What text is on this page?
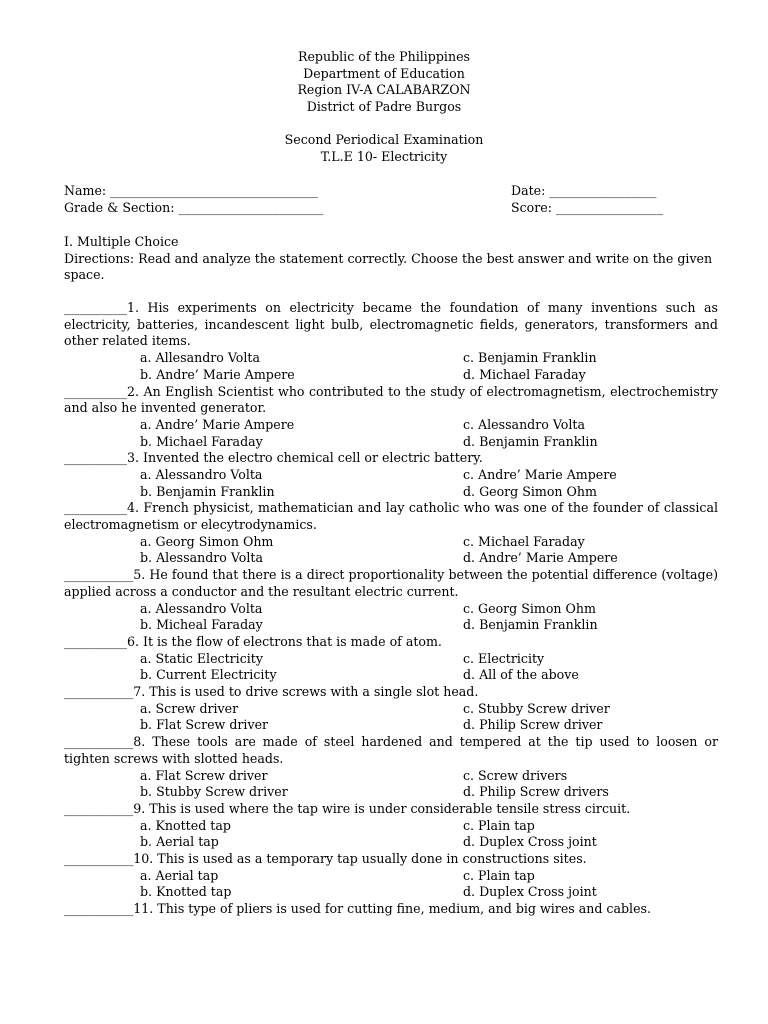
Republic of the Philippines
Department of Education
Region IV-A CALABARZON
District of Padre Burgos
Second Periodical Examination
T.L.E 10- Electricity
Name: _________________________________	Date: _________________
Grade & Section: _______________________	Score: _________________
I. Multiple Choice
Directions: Read and analyze the statement correctly. Choose the best answer and write on the given space.
__________1. His experiments on electricity became the foundation of many inventions such as electricity, batteries, incandescent light bulb, electromagnetic fields, generators, transformers and other related items.
a. Allesandro Volta
b. Andre’ Marie Ampere
c. Benjamin Franklin
d. Michael Faraday
__________2. An English Scientist who contributed to the study of electromagnetism, electrochemistry and also he invented generator.
a. Andre’ Marie Ampere
b. Michael Faraday
c. Alessandro Volta
d. Benjamin Franklin
__________3. Invented the electro chemical cell or electric battery.
a. Alessandro Volta
b. Benjamin Franklin
c. Andre’ Marie Ampere
d. Georg Simon Ohm
__________4. French physicist, mathematician and lay catholic who was one of the founder of classical electromagnetism or elecytrodynamics.
a. Georg Simon Ohm
b. Alessandro Volta
c. Michael Faraday
d. Andre’ Marie Ampere
___________5. He found that there is a direct proportionality between the potential difference (voltage) applied across a conductor and the resultant electric current.
a. Alessandro Volta
b. Micheal Faraday
c. Georg Simon Ohm
d. Benjamin Franklin
__________6. It is the flow of electrons that is made of atom.
a. Static Electricity
b. Current Electricity
c. Electricity
d. All of the above
___________7. This is used to drive screws with a single slot head.
a. Screw driver
b. Flat Screw driver
c. Stubby Screw driver
d. Philip Screw driver
___________8. These tools are made of steel hardened and tempered at the tip used to loosen or tighten screws with slotted heads.
a. Flat Screw driver
b. Stubby Screw driver
c. Screw drivers
d. Philip Screw drivers
___________9. This is used where the tap wire is under considerable tensile stress circuit.
a. Knotted tap
b. Aerial tap
c. Plain tap
d. Duplex Cross joint
___________10. This is used as a temporary tap usually done in constructions sites.
a. Aerial tap
b. Knotted tap
c. Plain tap
d. Duplex Cross joint
___________11. This type of pliers is used for cutting fine, medium, and big wires and cables.
